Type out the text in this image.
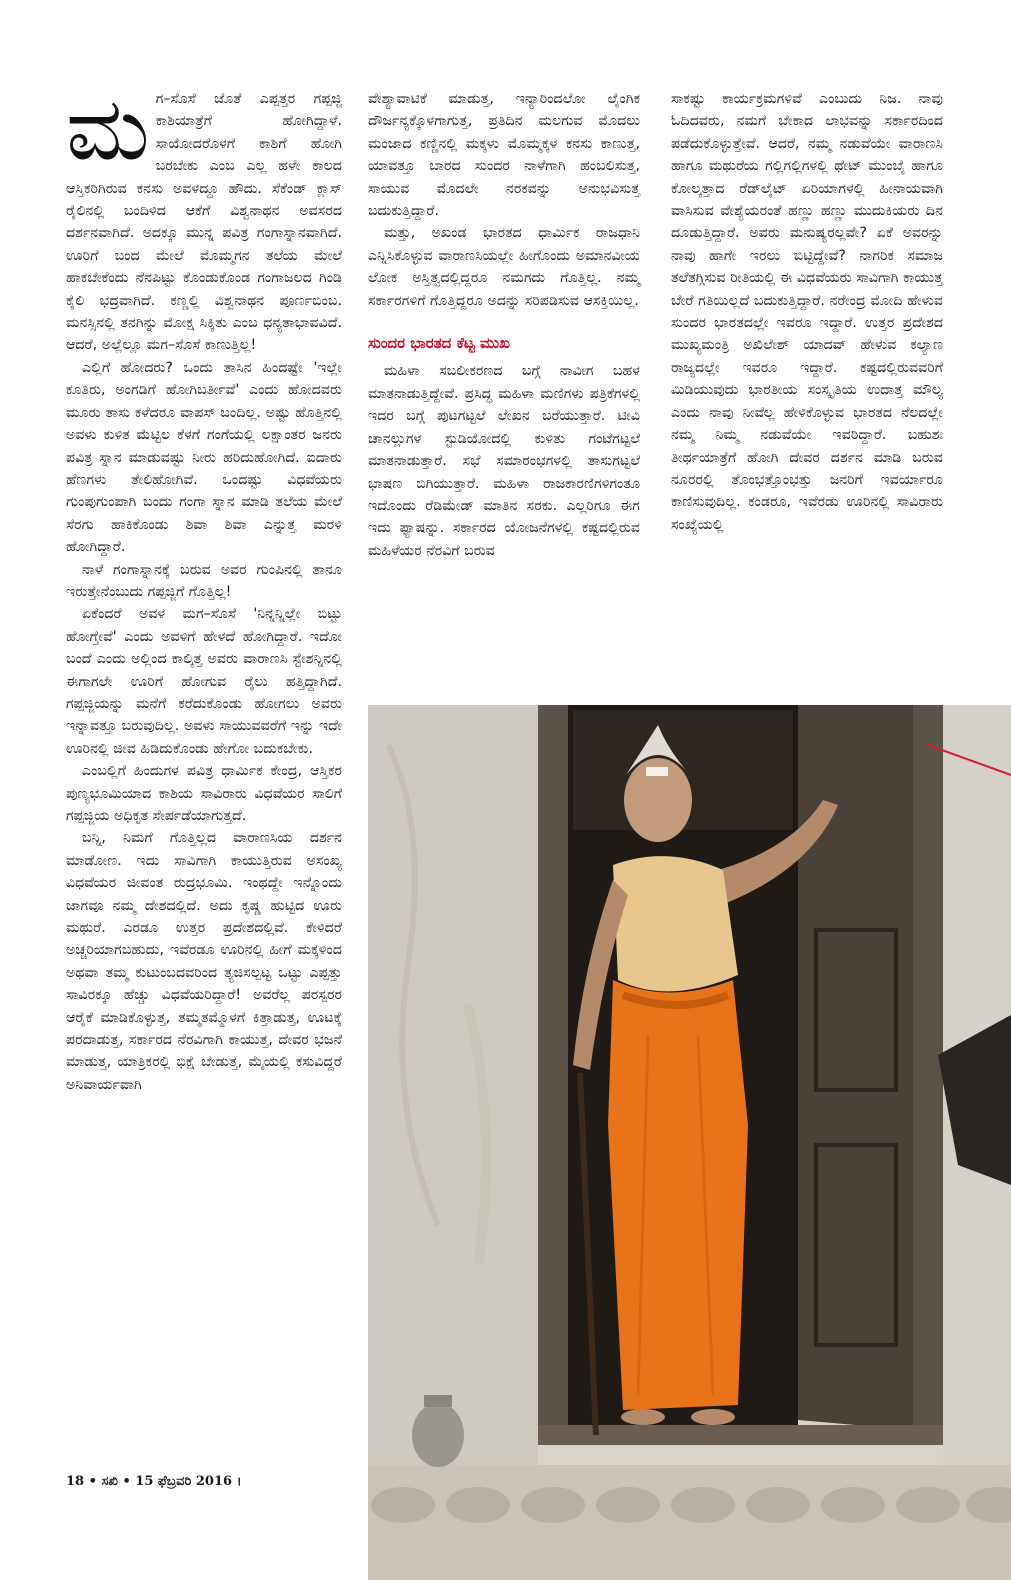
ಮ ಗ–ಸೊಸೆ ಜೊತೆ ಎಪ್ಪತ್ತರ ಗಪ್ಪಜ್ಜಿ ಕಾಶಿಯಾತ್ರೆಗೆ ಹೋಗಿದ್ದಾಳೆ. ಸಾಯೋದರೊಳಗೆ ಕಾಶಿಗೆ ಹೋಗಿ ಬರಬೇಕು ಎಂಬ ಎಲ್ಲ ಹಳೇ ಕಾಲದ ಆಸ್ತಿಕರಿಗಿರುವ ಕನಸು ಅವಳದ್ದೂ ಹೌದು. ಸೆಕೆಂಡ್ ಕ್ಲಾಸ್ ರೈಲಿನಲ್ಲಿ ಬಂದಿಳಿದ ಆಕೆಗೆ ವಿಶ್ವನಾಥನ ಅವಸರದ ದರ್ಶನವಾಗಿದೆ. ಅದಕ್ಕೂ ಮುನ್ನ ಪವಿತ್ರ ಗಂಗಾಸ್ನಾನವಾಗಿದೆ. ಊರಿಗೆ ಬಂದ ಮೇಲೆ ಮೊಮ್ಮಗನ ತಲೆಯ ಮೇಲೆ ಹಾಕಬೇಕೆಂದು ನೆನಪಿಟ್ಟು ಕೊಂಡುಕೊಂಡ ಗಂಗಾಜಲದ ಗಿಂಡಿ ಕೈಲಿ ಭದ್ರವಾಗಿದೆ. ಕಣ್ಣಲ್ಲಿ ವಿಶ್ವನಾಥನ ಪೂರ್ಣಬಿಂಬ. ಮನಸ್ಸಿನಲ್ಲಿ ತನಗಿನ್ನು ಮೋಕ್ಷ ಸಿಕ್ಕಿತು ಎಂಬ ಧನ್ಯತಾಭಾವವಿದೆ. ಆದರೆ, ಅಲ್ಲೆಲ್ಲೂ ಮಗ–ಸೊಸೆ ಕಾಣುತ್ತಿಲ್ಲ!

ಎಲ್ಲಿಗೆ ಹೋದರು? ಒಂದು ತಾಸಿನ ಹಿಂದಷ್ಟೇ 'ಇಲ್ಲೇ ಕೂತಿರು, ಅಂಗಡಿಗೆ ಹೋಗಿಬರ್ತೀವೆ' ಎಂದು ಹೋದವರು ಮೂರು ತಾಸು ಕಳೆದರೂ ವಾಪಸ್ ಬಂದಿಲ್ಲ. ಅಷ್ಟು ಹೊತ್ತಿನಲ್ಲಿ ಅವಳು ಕುಳಿತ ಮೆಟ್ಟಿಲ ಕೆಳಗೆ ಗಂಗೆಯಲ್ಲಿ ಲಕ್ಷಾಂತರ ಜನರು ಪವಿತ್ರ ಸ್ನಾನ ಮಾಡುವಷ್ಟು ನೀರು ಹರಿದುಹೋಗಿದೆ. ಐದಾರು ಹೆಣಗಳು ತೇಲಿಹೋಗಿವೆ. ಒಂದಷ್ಟು ವಿಧವೆಯರು ಗುಂಪುಗುಂಪಾಗಿ ಬಂದು ಗಂಗಾ ಸ್ನಾನ ಮಾಡಿ ತಲೆಯ ಮೇಲೆ ಸೆರಗು ಹಾಕಿಕೊಂಡು ಶಿವಾ ಶಿವಾ ಎನ್ನುತ್ತ ಮರಳಿ ಹೋಗಿದ್ದಾರೆ.

ನಾಳೆ ಗಂಗಾಸ್ನಾನಕ್ಕೆ ಬರುವ ಅವರ ಗುಂಪಿನಲ್ಲಿ ತಾನೂ ಇರುತ್ತೇನೆಂಬುದು ಗಪ್ಪಜ್ಜಿಗೆ ಗೊತ್ತಿಲ್ಲ!

ಏಕೆಂದರೆ ಅವಳ ಮಗ–ಸೊಸೆ 'ನಿನ್ನನ್ನಿಲ್ಲೇ ಬಿಟ್ಟು ಹೋಗ್ತೇವೆ' ಎಂದು ಅವಳಿಗೆ ಹೇಳದೆ ಹೋಗಿದ್ದಾರೆ. ಇದೋ ಬಂದೆ ಎಂದು ಅಲ್ಲಿಂದ ಕಾಲ್ಕಿತ್ತ ಅವರು ವಾರಾಣಸಿ ಸ್ಟೇಶನ್ನಿನಲ್ಲಿ ಈಗಾಗಲೇ ಊರಿಗೆ ಹೋಗುವ ರೈಲು ಹತ್ತಿದ್ದಾಗಿದೆ. ಗಪ್ಪಜ್ಜಿಯನ್ನು ಮನೆಗೆ ಕರೆದುಕೊಂಡು ಹೋಗಲು ಅವರು ಇನ್ನಾವತ್ತೂ ಬರುವುದಿಲ್ಲ. ಅವಳು ಸಾಯುವವರೆಗೆ ಇನ್ನು ಇದೇ ಊರಿನಲ್ಲಿ ಜೀವ ಹಿಡಿದುಕೊಂಡು ಹೇಗೋ ಬದುಕಬೇಕು.

ಎಂಬಲ್ಲಿಗೆ ಹಿಂದುಗಳ ಪವಿತ್ರ ಧಾರ್ಮಿಕ ಕೇಂದ್ರ, ಆಸ್ತಿಕರ ಪುಣ್ಯಭೂಮಿಯಾದ ಕಾಶಿಯ ಸಾವಿರಾರು ವಿಧವೆಯರ ಸಾಲಿಗೆ ಗಪ್ಪಜ್ಜಿಯ ಅಧಿಕೃತ ಸೇರ್ಪಡೆಯಾಗುತ್ತದೆ.

ಬನ್ನಿ, ನಿಮಗೆ ಗೊತ್ತಿಲ್ಲದ ವಾರಾಣಸಿಯ ದರ್ಶನ ಮಾಡೋಣ. ಇದು ಸಾವಿಗಾಗಿ ಕಾಯುತ್ತಿರುವ ಅಸಂಖ್ಯ ವಿಧವೆಯರ ಜೀವಂತ ರುದ್ರಭೂಮಿ. ಇಂಥದ್ದೇ ಇನ್ನೊಂದು ಜಾಗವೂ ನಮ್ಮ ದೇಶದಲ್ಲಿದೆ. ಅದು ಕೃಷ್ಣ ಹುಟ್ಟಿದ ಊರು ಮಥುರೆ. ಎರಡೂ ಉತ್ತರ ಪ್ರದೇಶದಲ್ಲಿವೆ. ಕೇಳಿದರೆ ಅಚ್ಚರಿಯಾಗಬಹುದು, ಇವೆರಡೂ ಊರಿನಲ್ಲಿ ಹೀಗೆ ಮಕ್ಕಳಿಂದ ಅಥವಾ ತಮ್ಮ ಕುಟುಂಬದವರಿಂದ ತ್ಯಜಿಸಲ್ಪಟ್ಟ ಒಟ್ಟು ಎಪ್ಪತ್ತು ಸಾವಿರಕ್ಕೂ ಹೆಚ್ಚು ವಿಧವೆಯರಿದ್ದಾರೆ! ಅವರೆಲ್ಲ ಪರಸ್ಪರರ ಆರೈಕೆ ಮಾಡಿಕೊಳ್ಳುತ್ತ, ತಮ್ಮತಮ್ಮೊಳಗೆ ಕಿತ್ತಾಡುತ್ತ, ಊಟಕ್ಕೆ ಪರದಾಡುತ್ತ, ಸರ್ಕಾರದ ನೆರವಿಗಾಗಿ ಕಾಯುತ್ತ, ದೇವರ ಭಜನೆ ಮಾಡುತ್ತ, ಯಾತ್ರಿಕರಲ್ಲಿ ಭಿಕ್ಷೆ ಬೇಡುತ್ತ, ಮೈಯಲ್ಲಿ ಕಸುವಿದ್ದರೆ ಅನಿವಾರ್ಯವಾಗಿ

ವೇಶ್ಯಾವಾಟಿಕೆ ಮಾಡುತ್ತ, ಇನ್ಯಾರಿಂದಲೋ ಲೈಂಗಿಕ ದೌರ್ಜನ್ಯಕ್ಕೊಳಗಾಗುತ್ತ, ಪ್ರತಿದಿನ ಮಲಗುವ ಮೊದಲು ಮಂಜಾದ ಕಣ್ಣಿನಲ್ಲಿ ಮಕ್ಕಳು ಮೊಮ್ಮಕ್ಕಳ ಕನಸು ಕಾಣುತ್ತ, ಯಾವತ್ತೂ ಬಾರದ ಸುಂದರ ನಾಳೆಗಾಗಿ ಹಂಬಲಿಸುತ್ತ, ಸಾಯುವ ಮೊದಲೇ ನರಕವನ್ನು ಅನುಭವಿಸುತ್ತ ಬದುಕುತ್ತಿದ್ದಾರೆ.

ಮತ್ತು, ಅಖಂಡ ಭಾರತದ ಧಾರ್ಮಿಕ ರಾಜಧಾನಿ ಎನ್ನಿಸಿಕೊಳ್ಳುವ ವಾರಾಣಸಿಯಲ್ಲೇ ಹೀಗೊಂದು ಅಮಾನವೀಯ ಲೋಕ ಅಸ್ತಿತ್ವದಲ್ಲಿದ್ದರೂ ನಮಗದು ಗೊತ್ತಿಲ್ಲ. ನಮ್ಮ ಸರ್ಕಾರಗಳಿಗೆ ಗೊತ್ತಿದ್ದರೂ ಅದನ್ನು ಸರಿಪಡಿಸುವ ಆಸಕ್ತಿಯಿಲ್ಲ.

ಸುಂದರ ಭಾರತದ ಕೆಟ್ಟ ಮುಖ

ಮಹಿಳಾ ಸಬಲೀಕರಣದ ಬಗ್ಗೆ ನಾವೀಗ ಬಹಳ ಮಾತನಾಡುತ್ತಿದ್ದೇವೆ. ಪ್ರಸಿದ್ಧ ಮಹಿಳಾ ಮಣಿಗಳು ಪತ್ರಿಕೆಗಳಲ್ಲಿ ಇದರ ಬಗ್ಗೆ ಪುಟಗಟ್ಟಲೆ ಲೇಖನ ಬರೆಯುತ್ತಾರೆ. ಟೀವಿ ಚಾನಲ್ಲುಗಳ ಸ್ಟುಡಿಯೋದಲ್ಲಿ ಕುಳಿತು ಗಂಟೆಗಟ್ಟಲೆ ಮಾತನಾಡುತ್ತಾರೆ. ಸಭೆ ಸಮಾರಂಭಗಳಲ್ಲಿ ತಾಸುಗಟ್ಟಲೆ ಭಾಷಣ ಬಿಗಿಯುತ್ತಾರೆ. ಮಹಿಳಾ ರಾಜಕಾರಣಿಗಳಿಗಂತೂ ಇದೊಂದು ರೆಡಿಮೇಡ್ ಮಾತಿನ ಸರಕು. ಎಲ್ಲರಿಗೂ ಈಗ ಇದು ಫ್ಯಾಷನ್ನು. ಸರ್ಕಾರದ ಯೋಜನೆಗಳಲ್ಲಿ ಕಷ್ಟದಲ್ಲಿರುವ ಮಹಿಳೆಯರ ನೆರವಿಗೆ ಬರುವ

ಸಾಕಷ್ಟು ಕಾರ್ಯಕ್ರಮಗಳಿವೆ ಎಂಬುದು ನಿಜ. ನಾವು ಓದಿದವರು, ನಮಗೆ ಬೇಕಾದ ಲಾಭವನ್ನು ಸರ್ಕಾರದಿಂದ ಪಡೆದುಕೊಳ್ಳುತ್ತೇವೆ. ಆದರೆ, ನಮ್ಮ ನಡುವೆಯೇ ವಾರಾಣಸಿ ಹಾಗೂ ಮಥುರೆಯ ಗಲ್ಲಿಗಲ್ಲಿಗಳಲ್ಲಿ ಥೇಟ್ ಮುಂಬೈ ಹಾಗೂ ಕೋಲ್ಕತ್ತಾದ ರೆಡ್‌ಲೈಟ್ ಏರಿಯಾಗಳಲ್ಲಿ ಹೀನಾಯವಾಗಿ ವಾಸಿಸುವ ವೇಶ್ಯೆಯರಂತೆ ಹಣ್ಣು ಹಣ್ಣು ಮುದುಕಿಯರು ದಿನ ದೂಡುತ್ತಿದ್ದಾರೆ. ಅವರು ಮನುಷ್ಯರಲ್ಲವೇ? ಏಕೆ ಅವರನ್ನು ನಾವು ಹಾಗೇ ಇರಲು ಬಿಟ್ಟಿದ್ದೇವೆ? ನಾಗರಿಕ ಸಮಾಜ ತಲೆತಗ್ಗಿಸುವ ರೀತಿಯಲ್ಲಿ ಈ ವಿಧವೆಯರು ಸಾವಿಗಾಗಿ ಕಾಯುತ್ತ ಬೇರೆ ಗತಿಯಿಲ್ಲದೆ ಬದುಕುತ್ತಿದ್ದಾರೆ. ನರೇಂದ್ರ ಮೋದಿ ಹೇಳುವ ಸುಂದರ ಭಾರತದಲ್ಲೇ ಇವರೂ ಇದ್ದಾರೆ. ಉತ್ತರ ಪ್ರದೇಶದ ಮುಖ್ಯಮಂತ್ರಿ ಅಖಿಲೇಶ್ ಯಾದವ್ ಹೇಳುವ ಕಲ್ಯಾಣ ರಾಜ್ಯದಲ್ಲೇ ಇವರೂ ಇದ್ದಾರೆ. ಕಷ್ಟದಲ್ಲಿರುವವರಿಗೆ ಮಿಡಿಯುವುದು ಭಾರತೀಯ ಸಂಸ್ಕೃತಿಯ ಉದಾತ್ತ ಮೌಲ್ಯ ಎಂದು ನಾವು ನೀವೆಲ್ಲ ಹೇಳಿಕೊಳ್ಳುವ ಭಾರತದ ನೆಲದಲ್ಲೇ ನಮ್ಮ ನಿಮ್ಮ ನಡುವೆಯೇ ಇವರಿದ್ದಾರೆ. ಬಹುಶಃ ತೀರ್ಥಯಾತ್ರೆಗೆ ಹೋಗಿ ದೇವರ ದರ್ಶನ ಮಾಡಿ ಬರುವ ನೂರರಲ್ಲಿ ತೊಂಭತ್ತೊಂಭತ್ತು ಜನರಿಗೆ ಇವರ್ಯಾರೂ ಕಾಣಿಸುವುದಿಲ್ಲ. ಕಂಡರೂ, ಇವೆರಡು ಊರಿನಲ್ಲಿ ಸಾವಿರಾರು ಸಂಖ್ಯೆಯಲ್ಲಿ

18 • ಸಖಿ • 15 ಫೆಬ್ರವರಿ 2016 ।
